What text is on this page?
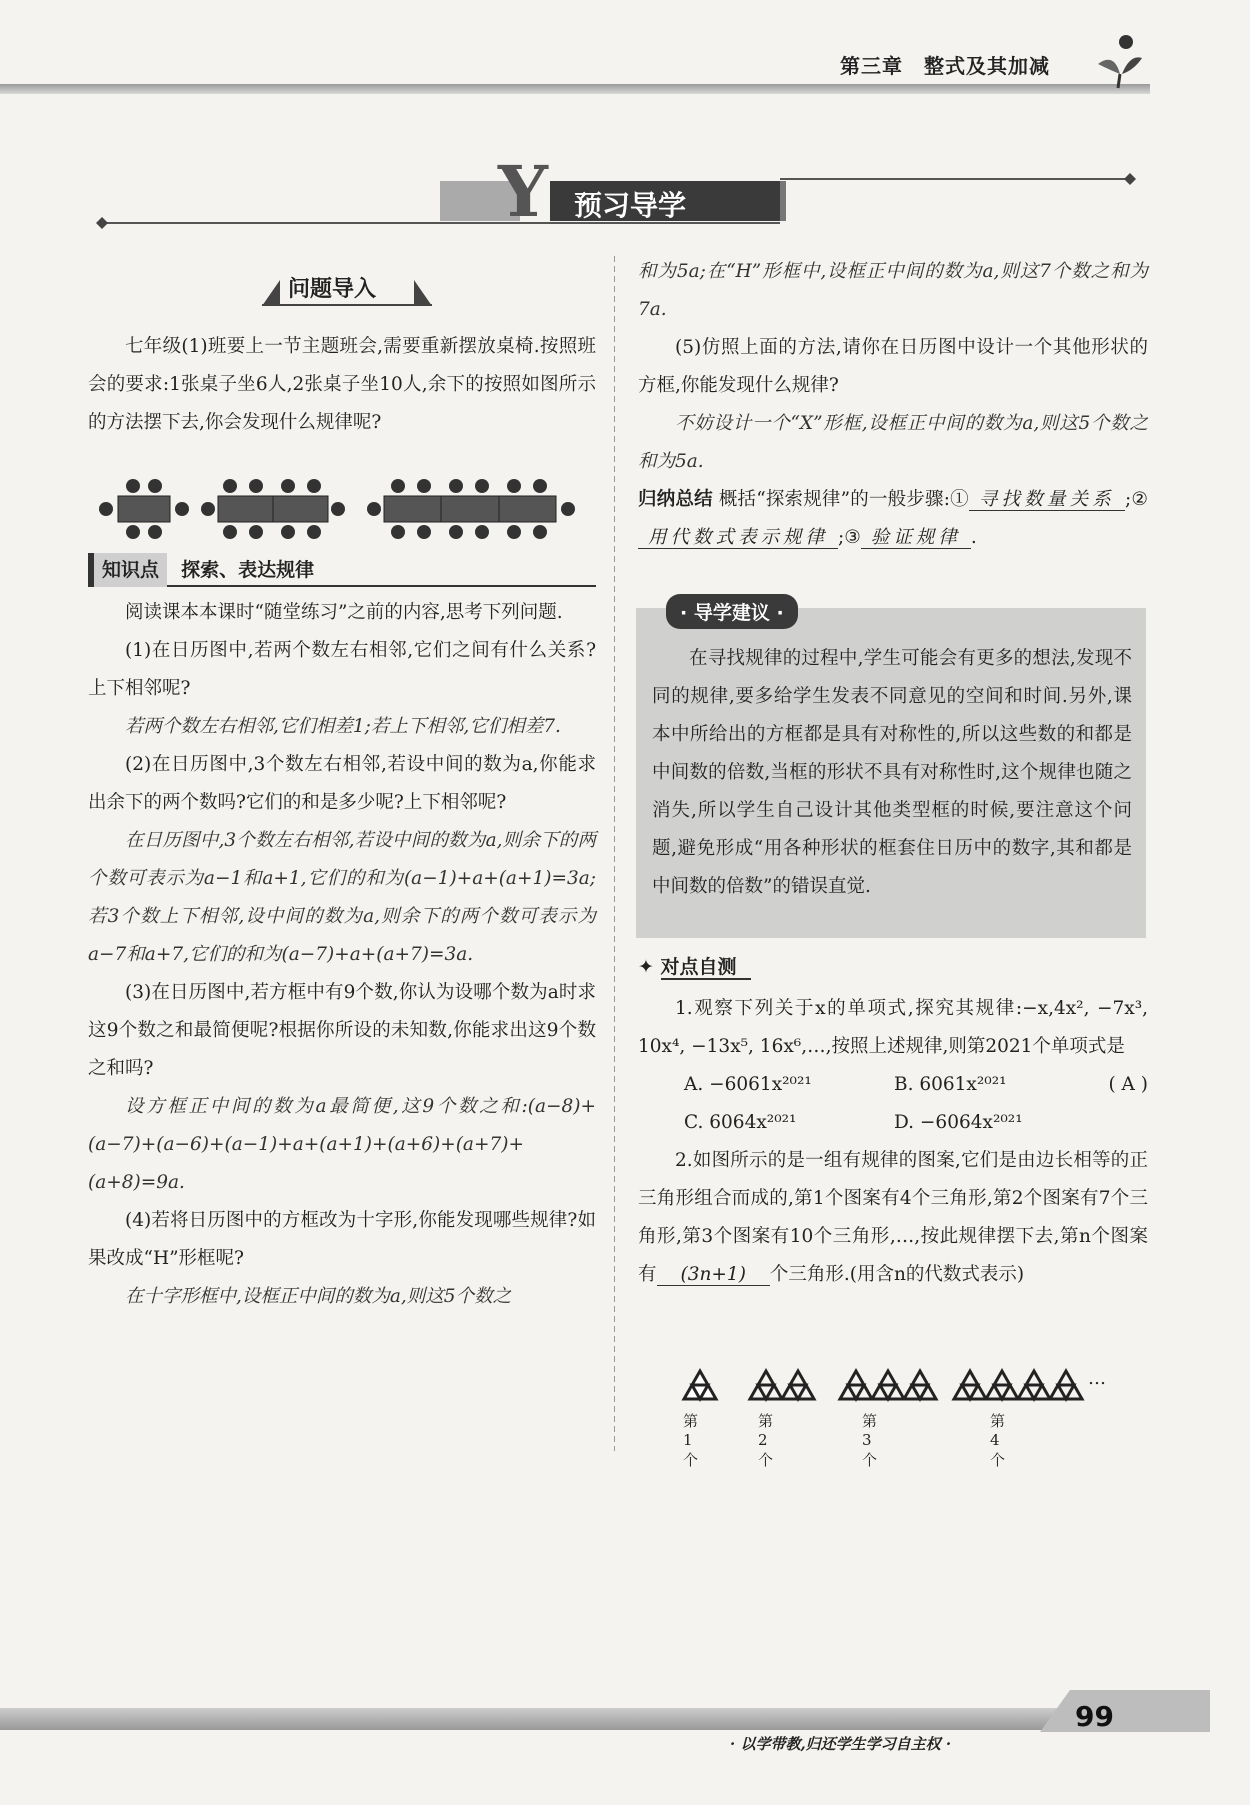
第三章　整式及其加减
Y 预习导学
问题导入

七年级(1)班要上一节主题班会,需要重新摆放桌椅.按照班会的要求:1张桌子坐6人,2张桌子坐10人,余下的按照如图所示的方法摆下去,你会发现什么规律呢?

知识点 探索、表达规律

阅读课本本课时“随堂练习”之前的内容,思考下列问题.

(1)在日历图中,若两个数左右相邻,它们之间有什么关系?上下相邻呢?

若两个数左右相邻,它们相差1;若上下相邻,它们相差7.

(2)在日历图中,3个数左右相邻,若设中间的数为a,你能求出余下的两个数吗?它们的和是多少呢?上下相邻呢?

在日历图中,3个数左右相邻,若设中间的数为a,则余下的两个数可表示为a−1和a+1,它们的和为(a−1)+a+(a+1)=3a;若3个数上下相邻,设中间的数为a,则余下的两个数可表示为a−7和a+7,它们的和为(a−7)+a+(a+7)=3a.

(3)在日历图中,若方框中有9个数,你认为设哪个数为a时求这9个数之和最简便呢?根据你所设的未知数,你能求出这9个数之和吗?

设方框正中间的数为a最简便,这9个数之和:(a−8)+(a−7)+(a−6)+(a−1)+a+(a+1)+(a+6)+(a+7)+(a+8)=9a.

(4)若将日历图中的方框改为十字形,你能发现哪些规律?如果改成“H”形框呢?

在十字形框中,设框正中间的数为a,则这5个数之

和为5a;在“H”形框中,设框正中间的数为a,则这7个数之和为7a.

(5)仿照上面的方法,请你在日历图中设计一个其他形状的方框,你能发现什么规律?

不妨设计一个“X”形框,设框正中间的数为a,则这5个数之和为5a.

归纳总结 概括“探索规律”的一般步骤:① 寻找数量关系 ;②用代数式表示规律 ;③ 验证规律 .

· 导学建议 ·

在寻找规律的过程中,学生可能会有更多的想法,发现不同的规律,要多给学生发表不同意见的空间和时间.另外,课本中所给出的方框都是具有对称性的,所以这些数的和都是中间数的倍数,当框的形状不具有对称性时,这个规律也随之消失,所以学生自己设计其他类型框的时候,要注意这个问题,避免形成“用各种形状的框套住日历中的数字,其和都是中间数的倍数”的错误直觉.

✦ 对点自测

1.观察下列关于x的单项式,探究其规律:−x,4x², −7x³, 10x⁴, −13x⁵, 16x⁶,…,按照上述规律,则第2021个单项式是
( A )

A. −6061x²⁰²¹	B. 6061x²⁰²¹
C. 6064x²⁰²¹	D. −6064x²⁰²¹

2.如图所示的是一组有规律的图案,它们是由边长相等的正三角形组合而成的,第1个图案有4个三角形,第2个图案有7个三角形,第3个图案有10个三角形,…,按此规律摆下去,第n个图案有 (3n+1) 个三角形.(用含n的代数式表示)

第1个
第2个
第3个
第4个
…
99
· 以学带教,归还学生学习自主权 ·
